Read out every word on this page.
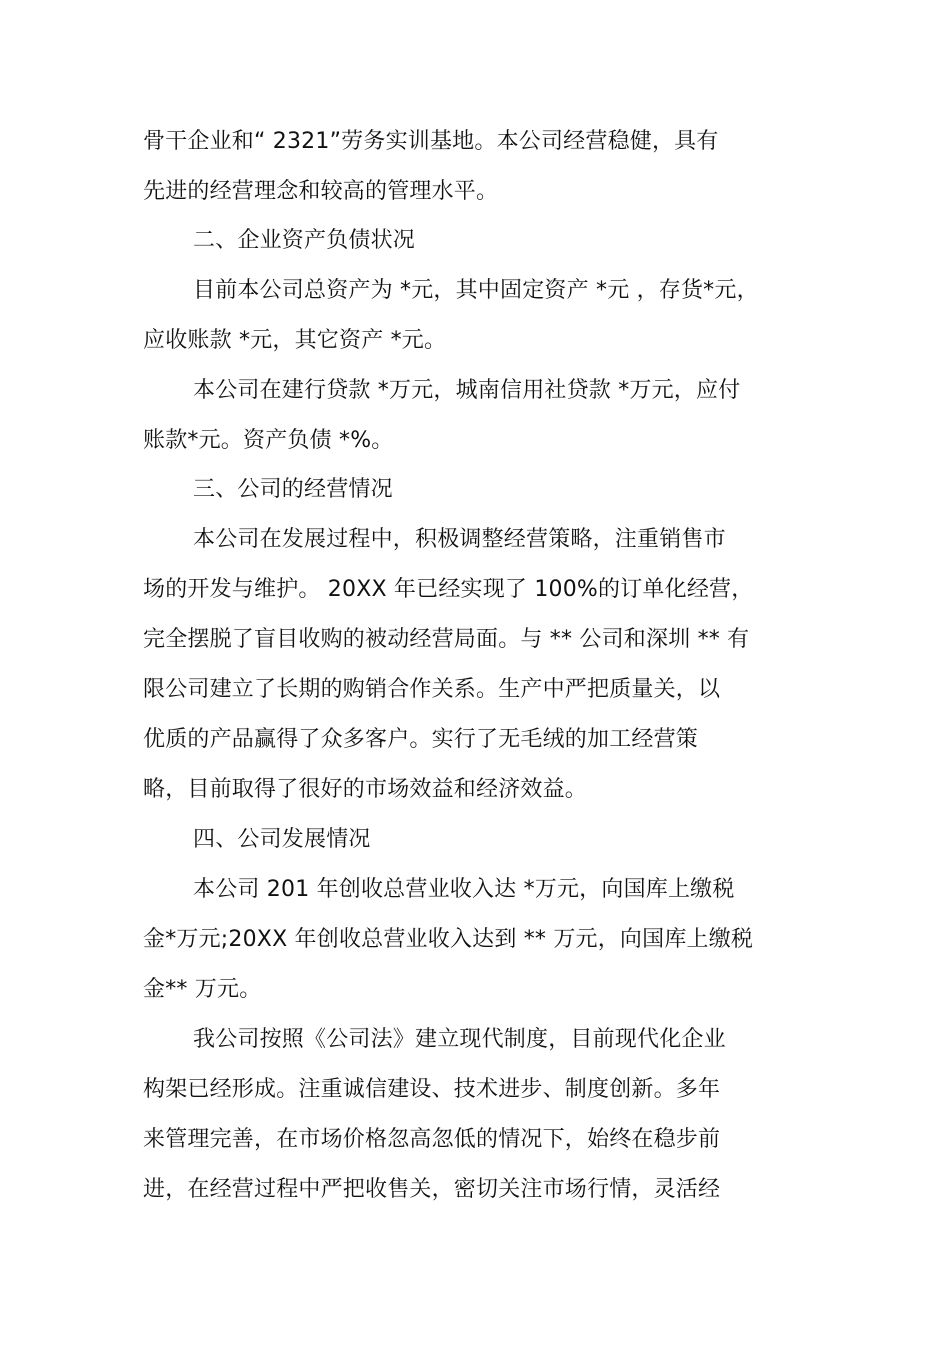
骨干企业和“ 2321”劳务实训基地。本公司经营稳健，具有
先进的经营理念和较高的管理水平。
二、企业资产负债状况
目前本公司总资产为 *元，其中固定资产 *元 ，存货*元，
应收账款 *元，其它资产 *元。
本公司在建行贷款 *万元，城南信用社贷款 *万元，应付
账款*元。资产负债 *%。
三、公司的经营情况
本公司在发展过程中，积极调整经营策略，注重销售市
场的开发与维护。 20XX 年已经实现了 100%的订单化经营，
完全摆脱了盲目收购的被动经营局面。与 ** 公司和深圳 ** 有
限公司建立了长期的购销合作关系。生产中严把质量关，以
优质的产品赢得了众多客户。实行了无毛绒的加工经营策
略，目前取得了很好的市场效益和经济效益。
四、公司发展情况
本公司 201 年创收总营业收入达 *万元，向国库上缴税
金*万元;20XX 年创收总营业收入达到 ** 万元，向国库上缴税
金** 万元。
我公司按照《公司法》建立现代制度，目前现代化企业
构架已经形成。注重诚信建设、技术进步、制度创新。多年
来管理完善，在市场价格忽高忽低的情况下，始终在稳步前
进，在经营过程中严把收售关，密切关注市场行情，灵活经
